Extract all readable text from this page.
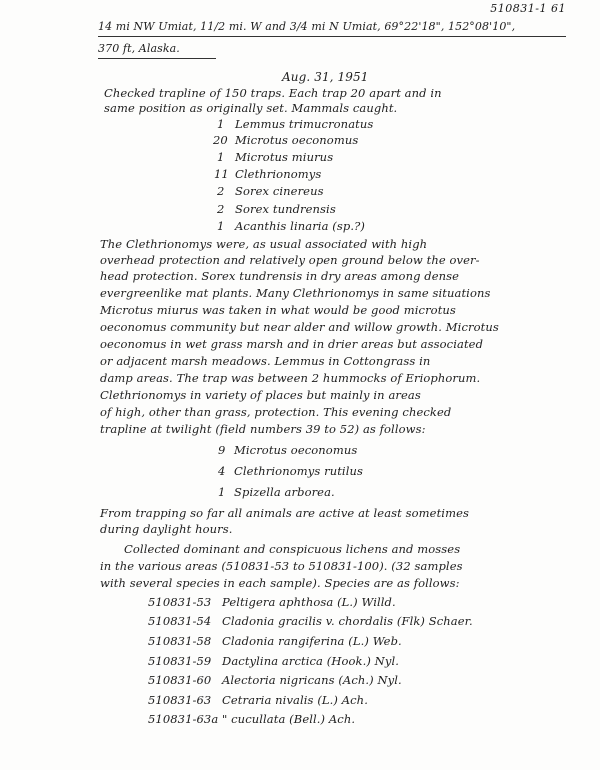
510831-1 61
14 mi NW Umiat, 11/2 mi. W and 3/4 mi N Umiat, 69°22'18", 152°08'10",
370 ft, Alaska.
Aug. 31, 1951
Checked trapline of 150 traps. Each trap 20 apart and in
same position as originally set. Mammals caught.
1 Lemmus trimucronatus
20 Microtus oeconomus
1 Microtus miurus
11 Clethrionomys
2 Sorex cinereus
2 Sorex tundrensis
1 Acanthis linaria (sp.?)
The Clethrionomys were, as usual associated with high
overhead protection and relatively open ground below the over-
head protection. Sorex tundrensis in dry areas among dense
evergreenlike mat plants. Many Clethrionomys in same situations
Microtus miurus was taken in what would be good microtus
oeconomus community but near alder and willow growth. Microtus
oeconomus in wet grass marsh and in drier areas but associated
or adjacent marsh meadows. Lemmus in Cottongrass in
damp areas. The trap was between 2 hummocks of Eriophorum.
Clethrionomys in variety of places but mainly in areas
of high, other than grass, protection. This evening checked
trapline at twilight (field numbers 39 to 52) as follows:
9 Microtus oeconomus
4 Clethrionomys rutilus
1 Spizella arborea.
From trapping so far all animals are active at least sometimes
during daylight hours.
Collected dominant and conspicuous lichens and mosses
in the various areas (510831-53 to 510831-100). (32 samples
with several species in each sample). Species are as follows:
510831-53 Peltigera aphthosa (L.) Willd.
510831-54 Cladonia gracilis v. chordalis (Flk) Schaer.
510831-58 Cladonia rangiferina (L.) Web.
510831-59 Dactylina arctica (Hook.) Nyl.
510831-60 Alectoria nigricans (Ach.) Nyl.
510831-63 Cetraria nivalis (L.) Ach.
510831-63a " cucullata (Bell.) Ach.
